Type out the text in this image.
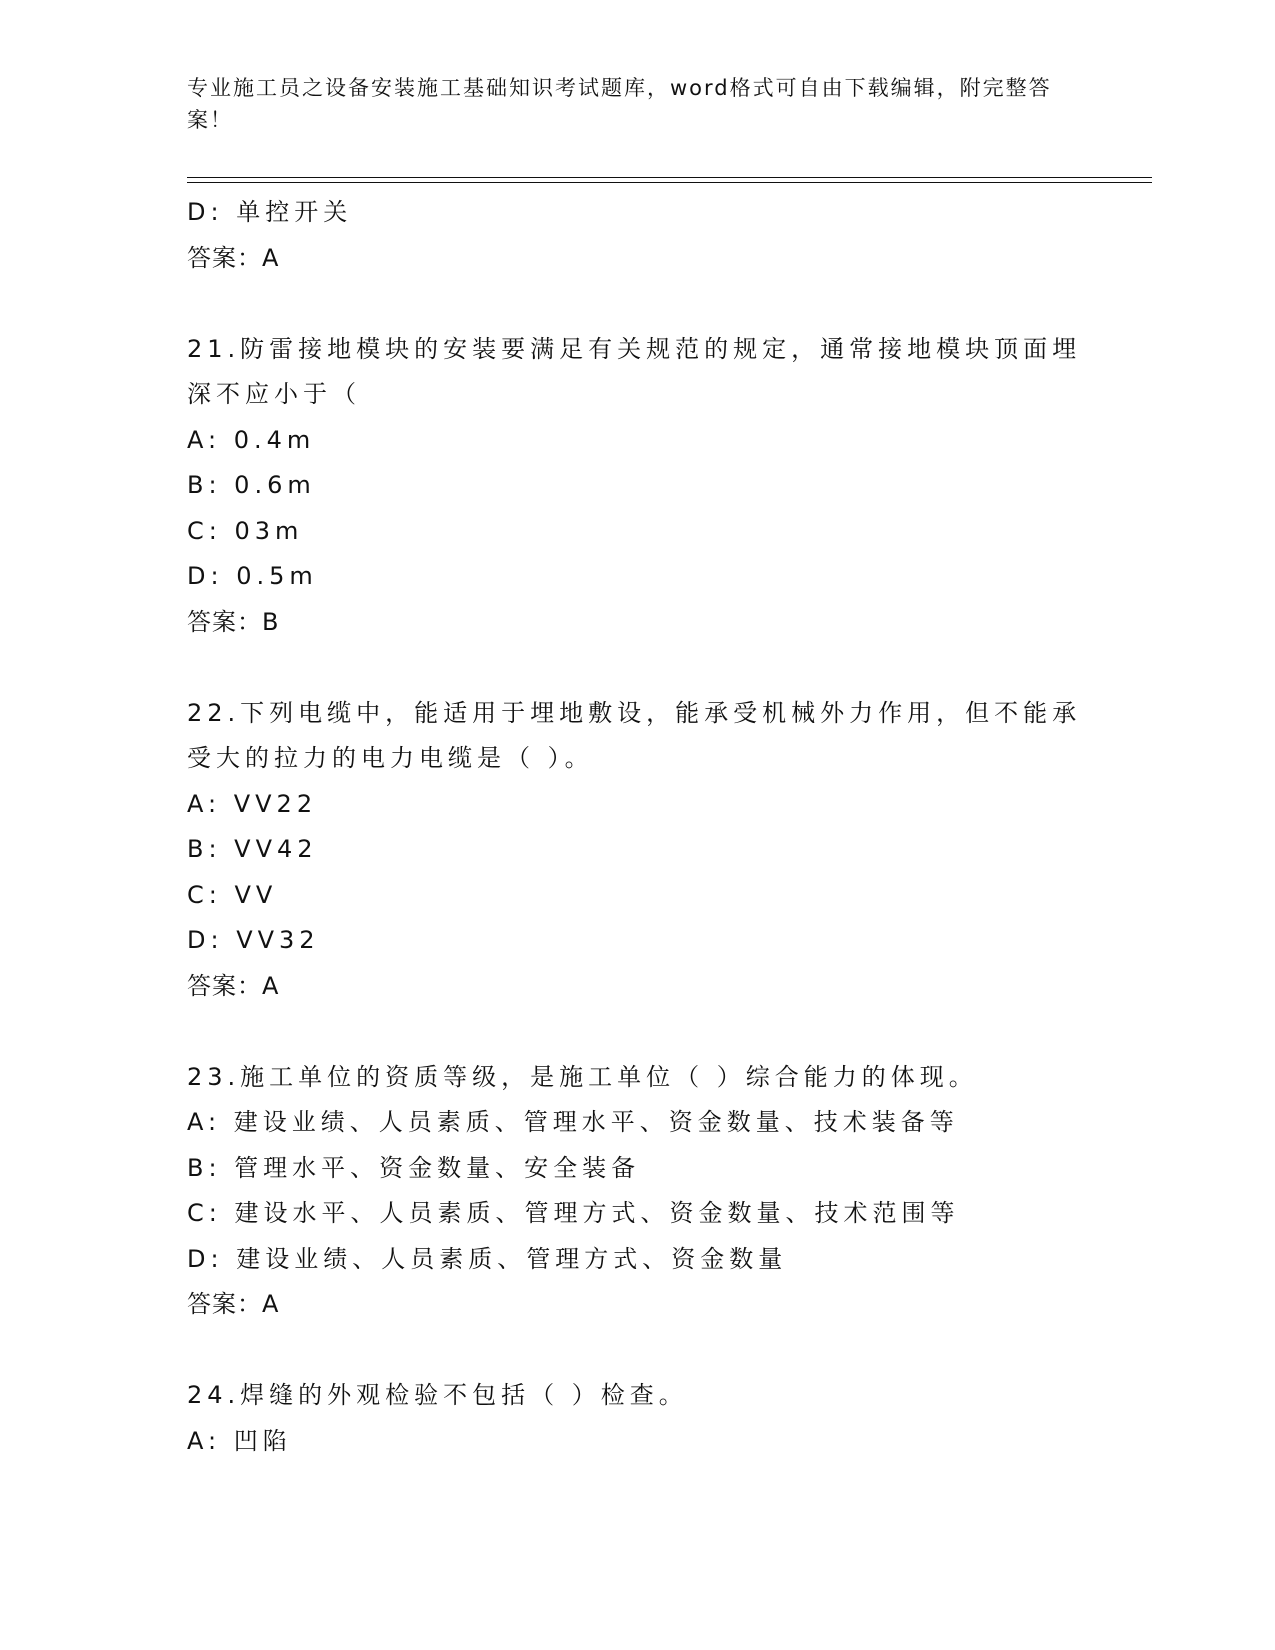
专业施工员之设备安装施工基础知识考试题库，word格式可自由下载编辑，附完整答案！
D: 单控开关
答案：A
21.防雷接地模块的安装要满足有关规范的规定，通常接地模块顶面埋
深不应小于（
A: 0.4m
B: 0.6m
C: 03m
D: 0.5m
答案：B
22.下列电缆中，能适用于埋地敷设，能承受机械外力作用，但不能承
受大的拉力的电力电缆是（ ）。
A: VV22
B: VV42
C: VV
D: VV32
答案：A
23.施工单位的资质等级，是施工单位（ ）综合能力的体现。
A: 建设业绩、人员素质、管理水平、资金数量、技术装备等
B: 管理水平、资金数量、安全装备
C: 建设水平、人员素质、管理方式、资金数量、技术范围等
D: 建设业绩、人员素质、管理方式、资金数量
答案：A
24.焊缝的外观检验不包括（ ）检查。
A: 凹陷
